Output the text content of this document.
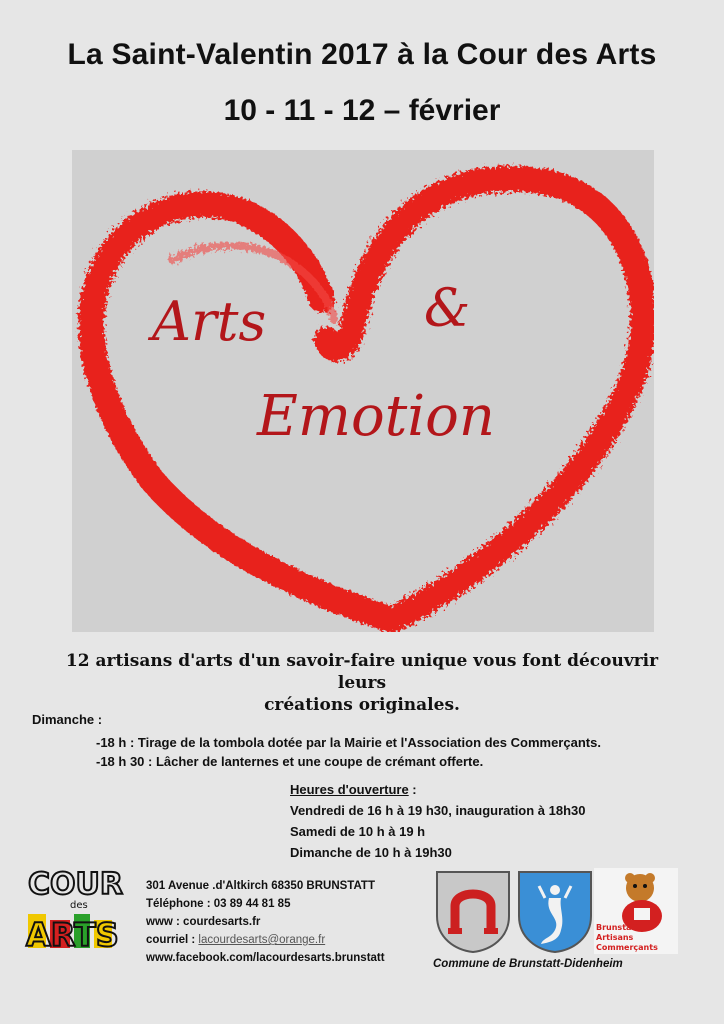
La Saint-Valentin 2017 à la Cour des Arts
10 - 11 - 12 – février
Arts	&
Emotion
12 artisans d'arts d'un savoir-faire unique vous font découvrir leurs
créations originales.
Dimanche :
-18 h : Tirage de la tombola dotée par la Mairie et l'Association des Commerçants.
-18 h 30 : Lâcher de lanternes et une coupe de crémant offerte.
Heures d'ouverture :
Vendredi de 16 h à 19 h30, inauguration à 18h30
Samedi de 10 h à 19 h
Dimanche de 10 h à 19h30
COUR
des
ARTS
301 Avenue .d'Altkirch 68350 BRUNSTATT
Téléphone : 03 89 44 81 85
www : courdesarts.fr
courriel : lacourdesarts@orange.fr
www.facebook.com/lacourdesarts.brunstatt
Brunstatt
Artisans
Commerçants
Commune de Brunstatt-Didenheim
